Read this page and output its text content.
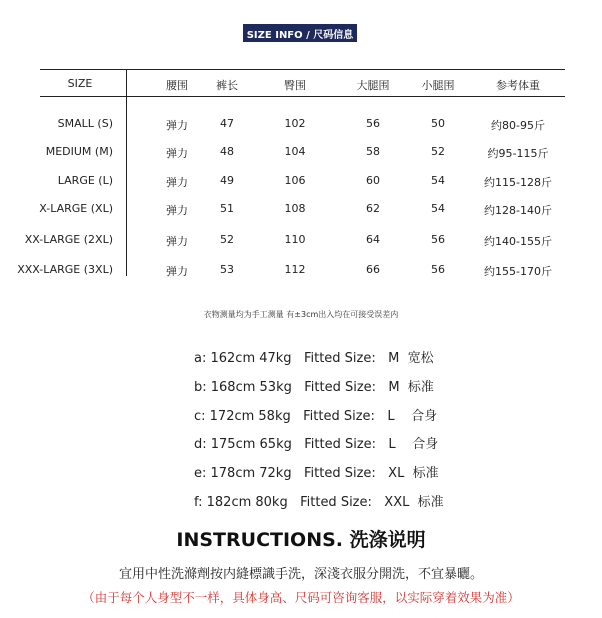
SIZE INFO / 尺码信息
SIZE	腰围	裤长	臀围	大腿围	小腿围	参考体重
SMALL (S)	弹力	47	102	56	50	约80-95斤
MEDIUM (M)	弹力	48	104	58	52	约95-115斤
LARGE (L)	弹力	49	106	60	54	约115-128斤
X-LARGE (XL)	弹力	51	108	62	54	约128-140斤
XX-LARGE (2XL)	弹力	52	110	64	56	约140-155斤
XXX-LARGE (3XL)	弹力	53	112	66	56	约155-170斤
衣物测量均为手工测量 有±3cm出入均在可接受误差内
a: 162cm 47kg   Fitted Size:   M  宽松
b: 168cm 53kg   Fitted Size:   M  标准
c: 172cm 58kg   Fitted Size:   L    合身
d: 175cm 65kg   Fitted Size:   L    合身
e: 178cm 72kg   Fitted Size:   XL  标准
f: 182cm 80kg   Fitted Size:   XXL  标准
INSTRUCTIONS. 洗涤说明
宜用中性洗滌劑按内縫標識手洗，深淺衣服分開洗，不宜暴曬。
（由于每个人身型不一样，具体身高、尺码可咨询客服，以实际穿着效果为准）
